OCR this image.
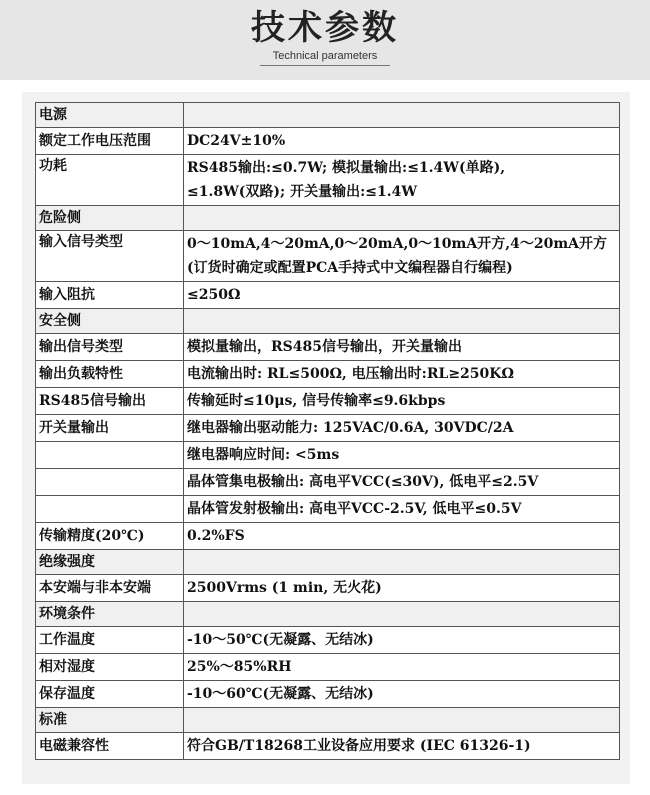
技术参数
Technical parameters
电源	
额定工作电压范围	DC24V±10%
功耗	RS485输出:≤0.7W; 模拟量输出:≤1.4W(单路),
≤1.8W(双路); 开关量输出:≤1.4W

危险侧	
输入信号类型	0～10mA,4～20mA,0～20mA,0～10mA开方,4～20mA开方
(订货时确定或配置PCA手持式中文编程器自行编程)

输入阻抗	≤250Ω
安全侧	
输出信号类型	模拟量输出，RS485信号输出，开关量输出
输出负载特性	电流输出时: RL≤500Ω, 电压输出时:RL≥250KΩ
RS485信号输出	传输延时≤10μs, 信号传输率≤9.6kbps
开关量输出	继电器输出驱动能力: 125VAC/0.6A, 30VDC/2A
	继电器响应时间: <5ms
	晶体管集电极输出: 高电平VCC(≤30V), 低电平≤2.5V
	晶体管发射极输出: 高电平VCC-2.5V, 低电平≤0.5V
传输精度(20℃)	0.2%FS
绝缘强度	
本安端与非本安端	2500Vrms (1 min, 无火花)
环境条件	
工作温度	-10～50℃(无凝露、无结冰)
相对湿度	25%～85%RH
保存温度	-10～60℃(无凝露、无结冰)
标准	
电磁兼容性	符合GB/T18268工业设备应用要求 (IEC 61326-1)
